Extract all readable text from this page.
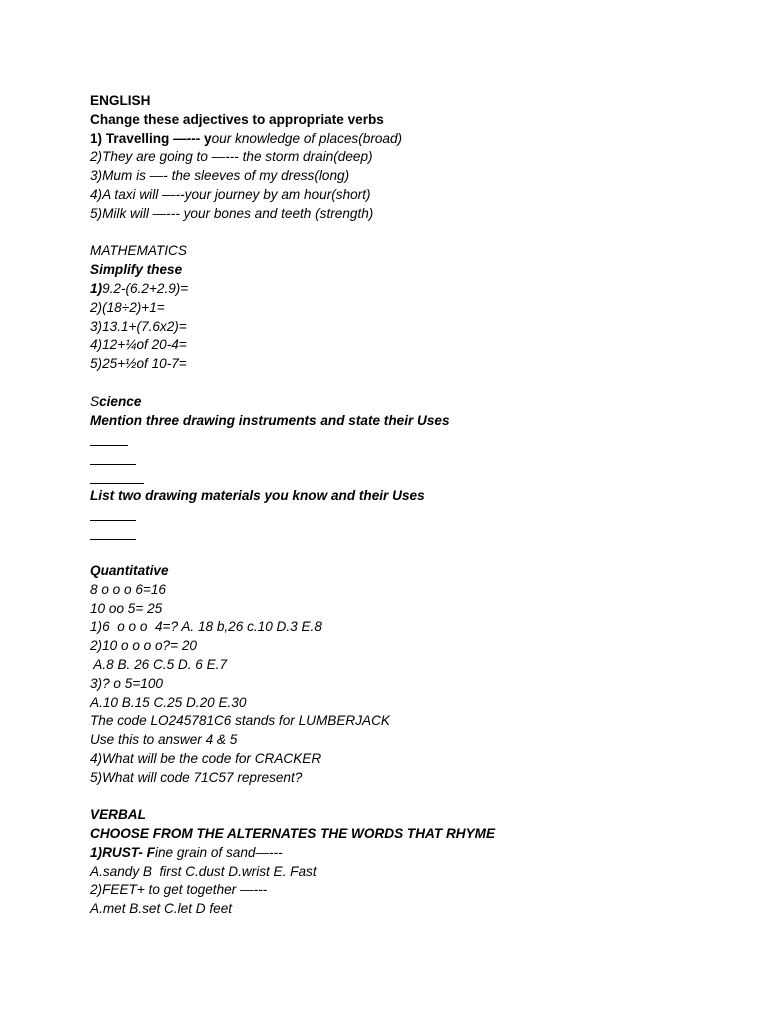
ENGLISH
Change these adjectives to appropriate verbs
1) Travelling —--- your knowledge of places(broad)
2)They are going to —--- the storm drain(deep)
3)Mum is —- the sleeves of my dress(long)
4)A taxi will —--your journey by am hour(short)
5)Milk will —--- your bones and teeth (strength)
MATHEMATICS
Simplify these
1)9.2-(6.2+2.9)=
2)(18÷2)+1=
3)13.1+(7.6x2)=
4)12+¼of 20-4=
5)25+½of 10-7=
Science
Mention three drawing instruments and state their Uses
List two drawing materials you know and their Uses
Quantitative
8 o o o 6=16
10 oo 5= 25
1)6  o o o  4=? A. 18 b,26 c.10 D.3 E.8
2)10 o o o o?= 20
A.8 B. 26 C.5 D. 6 E.7
3)? o 5=100
A.10 B.15 C.25 D.20 E.30
The code LO245781C6 stands for LUMBERJACK
Use this to answer 4 & 5
4)What will be the code for CRACKER
5)What will code 71C57 represent?
VERBAL
CHOOSE FROM THE ALTERNATES THE WORDS THAT RHYME
1)RUST- Fine grain of sand—---
A.sandy B  first C.dust D.wrist E. Fast
2)FEET+ to get together —---
A.met B.set C.let D feet
